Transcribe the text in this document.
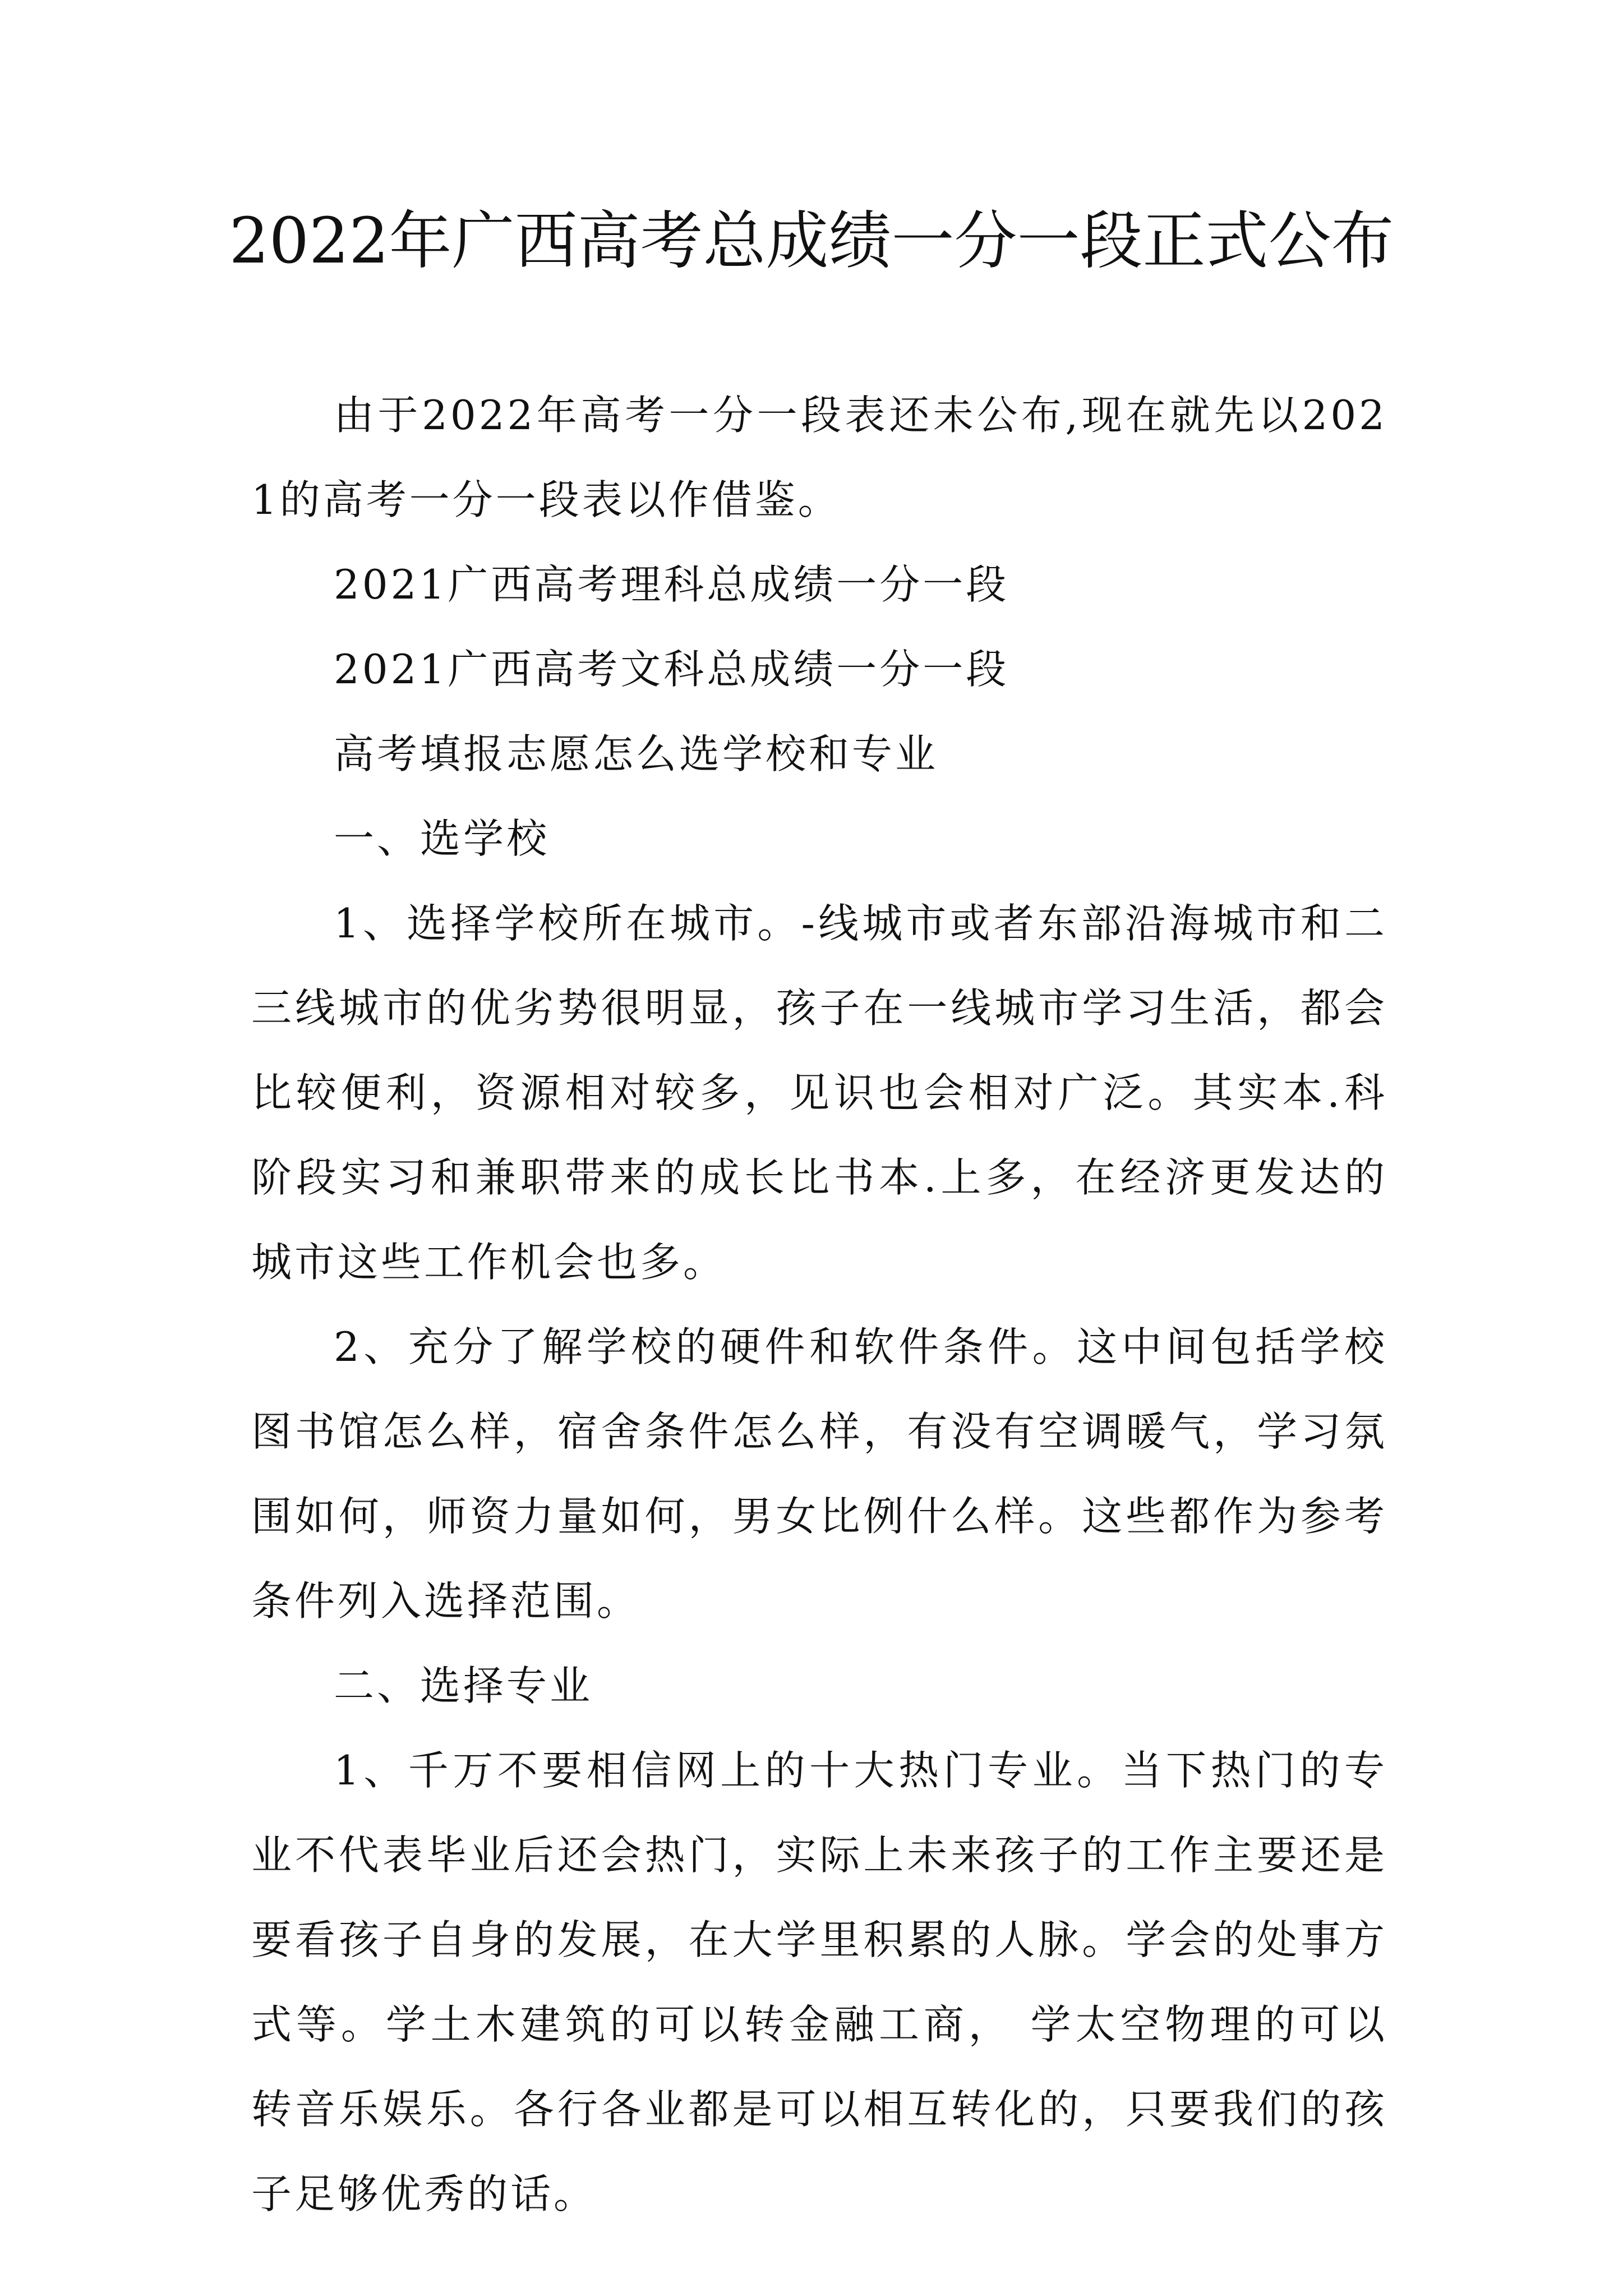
2022年广西高考总成绩一分一段正式公布

由于2022年高考一分一段表还未公布,现在就先以2021的高考一分一段表以作借鉴。

2021广西高考理科总成绩一分一段

2021广西高考文科总成绩一分一段

高考填报志愿怎么选学校和专业

一、选学校

1、选择学校所在城市。-线城市或者东部沿海城市和二三线城市的优劣势很明显，孩子在一线城市学习生活，都会比较便利，资源相对较多，见识也会相对广泛。其实本.科阶段实习和兼职带来的成长比书本.上多，在经济更发达的城市这些工作机会也多。

2、充分了解学校的硬件和软件条件。这中间包括学校图书馆怎么样，宿舍条件怎么样，有没有空调暖气，学习氛围如何，师资力量如何，男女比例什么样。这些都作为参考条件列入选择范围。

二、选择专业

1、千万不要相信网上的十大热门专业。当下热门的专业不代表毕业后还会热门，实际上未来孩子的工作主要还是要看孩子自身的发展，在大学里积累的人脉。学会的处事方式等。学土木建筑的可以转金融工商， 学太空物理的可以转音乐娱乐。各行各业都是可以相互转化的，只要我们的孩子足够优秀的话。
